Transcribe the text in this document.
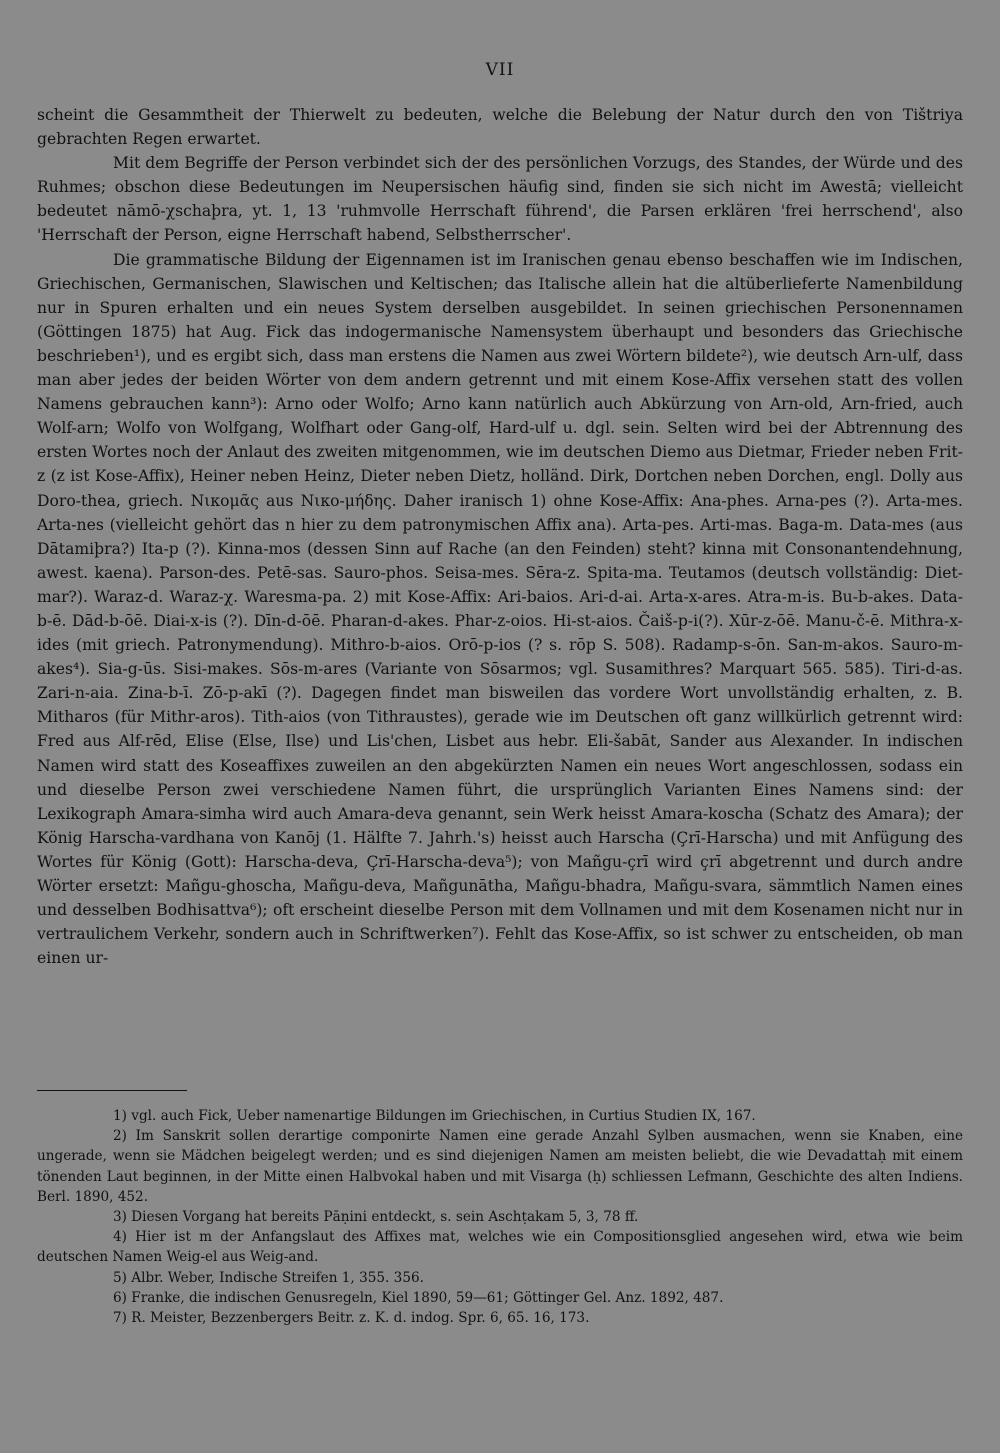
VII

scheint die Gesammtheit der Thierwelt zu bedeuten, welche die Belebung der Natur durch den von Tištriya gebrachten Regen erwartet.

Mit dem Begriffe der Person verbindet sich der des persönlichen Vorzugs, des Standes, der Würde und des Ruhmes; obschon diese Bedeutungen im Neupersischen häufig sind, finden sie sich nicht im Awestā; vielleicht bedeutet nāmō-χschaþra, yt. 1, 13 'ruhmvolle Herrschaft führend', die Parsen erklären 'frei herrschend', also 'Herrschaft der Person, eigne Herrschaft habend, Selbstherrscher'.

Die grammatische Bildung der Eigennamen ist im Iranischen genau ebenso beschaffen wie im Indischen, Griechischen, Germanischen, Slawischen und Keltischen; das Italische allein hat die altüberlieferte Namenbildung nur in Spuren erhalten und ein neues System derselben ausgebildet. In seinen griechischen Personennamen (Göttingen 1875) hat Aug. Fick das indogermanische Namensystem überhaupt und besonders das Griechische beschrieben¹), und es ergibt sich, dass man erstens die Namen aus zwei Wörtern bildete²), wie deutsch Arn-ulf, dass man aber jedes der beiden Wörter von dem andern getrennt und mit einem Kose-Affix versehen statt des vollen Namens gebrauchen kann³): Arno oder Wolfo; Arno kann natürlich auch Abkürzung von Arn-old, Arn-fried, auch Wolf-arn; Wolfo von Wolfgang, Wolfhart oder Gang-olf, Hard-ulf u. dgl. sein. Selten wird bei der Abtrennung des ersten Wortes noch der Anlaut des zweiten mitgenommen, wie im deutschen Diemo aus Dietmar, Frieder neben Frit-z (z ist Kose-Affix), Heiner neben Heinz, Dieter neben Dietz, holländ. Dirk, Dortchen neben Dorchen, engl. Dolly aus Doro-thea, griech. Νικομᾶς aus Νικο-μήδης. Daher iranisch 1) ohne Kose-Affix: Ana-phes. Arna-pes (?). Arta-mes. Arta-nes (vielleicht gehört das n hier zu dem patronymischen Affix ana). Arta-pes. Arti-mas. Baga-m. Data-mes (aus Dātamiþra?) Ita-p (?). Kinna-mos (dessen Sinn auf Rache (an den Feinden) steht? kinna mit Consonantendehnung, awest. kaena). Parson-des. Petē-sas. Sauro-phos. Seisa-mes. Sēra-z. Spita-ma. Teutamos (deutsch vollständig: Diet-mar?). Waraz-d. Waraz-χ. Waresma-pa. 2) mit Kose-Affix: Ari-baios. Ari-d-ai. Arta-x-ares. Atra-m-is. Bu-b-akes. Data-b-ē. Dād-b-ōē. Diai-x-is (?). Dīn-d-ōē. Pharan-d-akes. Phar-z-oios. Hi-st-aios. Čaiš-p-i(?). Xūr-z-ōē. Manu-č-ē. Mithra-x-ides (mit griech. Patronymendung). Mithro-b-aios. Orō-p-ios (? s. rōp S. 508). Radamp-s-ōn. San-m-akos. Sauro-m-akes⁴). Sia-g-ūs. Sisi-makes. Sōs-m-ares (Variante von Sōsarmos; vgl. Susamithres? Marquart 565. 585). Tiri-d-as. Zari-n-aia. Zina-b-ī. Zō-p-akī (?). Dagegen findet man bisweilen das vordere Wort unvollständig erhalten, z. B. Mitharos (für Mithr-aros). Tith-aios (von Tithraustes), gerade wie im Deutschen oft ganz willkürlich getrennt wird: Fred aus Alf-rēd, Elise (Else, Ilse) und Lis'chen, Lisbet aus hebr. Eli-šabāt, Sander aus Alexander. In indischen Namen wird statt des Koseaffixes zuweilen an den abgekürzten Namen ein neues Wort angeschlossen, sodass ein und dieselbe Person zwei verschiedene Namen führt, die ursprünglich Varianten Eines Namens sind: der Lexikograph Amara-simha wird auch Amara-deva genannt, sein Werk heisst Amara-koscha (Schatz des Amara); der König Harscha-vardhana von Kanōj (1. Hälfte 7. Jahrh.'s) heisst auch Harscha (Çrī-Harscha) und mit Anfügung des Wortes für König (Gott): Harscha-deva, Çrī-Harscha-deva⁵); von Mañgu-çrī wird çrī abgetrennt und durch andre Wörter ersetzt: Mañgu-ghoscha, Mañgu-deva, Mañgunātha, Mañgu-bhadra, Mañgu-svara, sämmtlich Namen eines und desselben Bodhisattva⁶); oft erscheint dieselbe Person mit dem Vollnamen und mit dem Kosenamen nicht nur in vertraulichem Verkehr, sondern auch in Schriftwerken⁷). Fehlt das Kose-Affix, so ist schwer zu entscheiden, ob man einen ur-

1) vgl. auch Fick, Ueber namenartige Bildungen im Griechischen, in Curtius Studien IX, 167.

2) Im Sanskrit sollen derartige componirte Namen eine gerade Anzahl Sylben ausmachen, wenn sie Knaben, eine ungerade, wenn sie Mädchen beigelegt werden; und es sind diejenigen Namen am meisten beliebt, die wie Devadattaḥ mit einem tönenden Laut beginnen, in der Mitte einen Halbvokal haben und mit Visarga (ḥ) schliessen Lefmann, Geschichte des alten Indiens. Berl. 1890, 452.

3) Diesen Vorgang hat bereits Pāṇini entdeckt, s. sein Aschṭakam 5, 3, 78 ff.

4) Hier ist m der Anfangslaut des Affixes mat, welches wie ein Compositionsglied angesehen wird, etwa wie beim deutschen Namen Weig-el aus Weig-and.

5) Albr. Weber, Indische Streifen 1, 355. 356.

6) Franke, die indischen Genusregeln, Kiel 1890, 59—61; Göttinger Gel. Anz. 1892, 487.

7) R. Meister, Bezzenbergers Beitr. z. K. d. indog. Spr. 6, 65. 16, 173.
